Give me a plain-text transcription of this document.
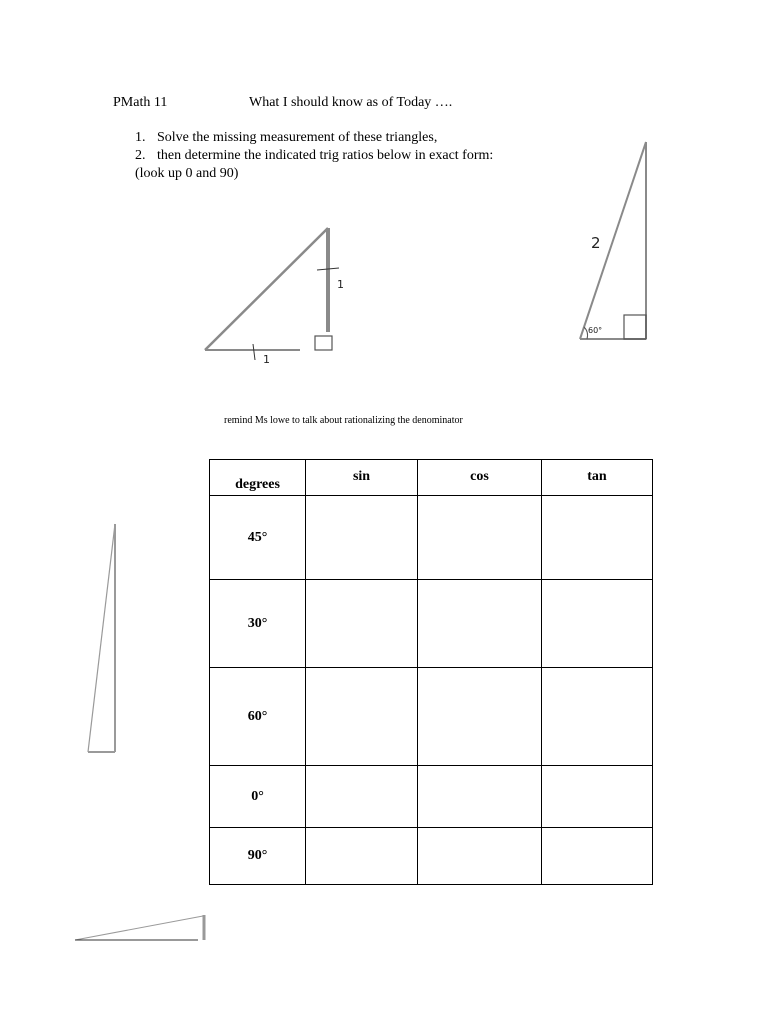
PMath 11	What I should know as of Today ….
1. Solve the missing measurement of these triangles,
2. then determine the indicated trig ratios below in exact form:
(look up 0 and 90)
1
1
2
60°
remind Ms lowe to talk about rationalizing the denominator
degrees	sin	cos	tan
45°			
30°			
60°			
0°			
90°			
